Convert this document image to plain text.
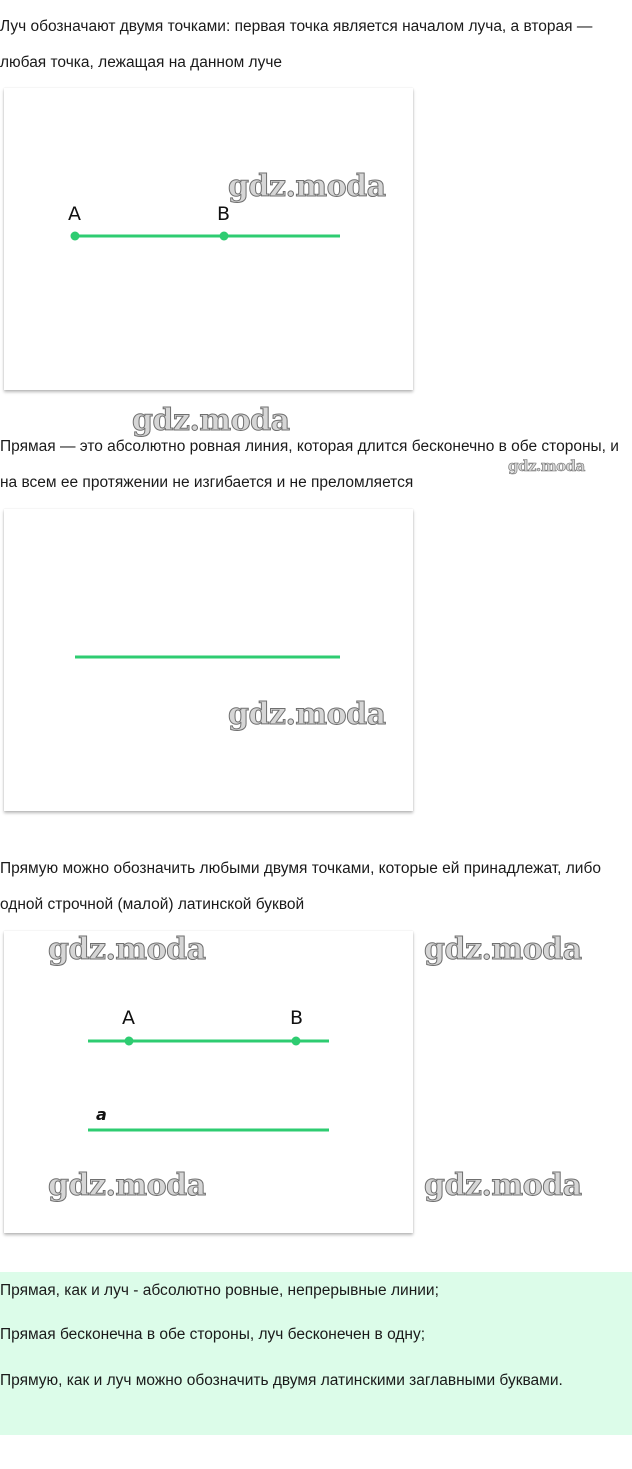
Луч обозначают двумя точками: первая точка является началом луча, а вторая — любая точка, лежащая на данном луче

A	B
gdz.moda
gdz.moda

Прямая — это абсолютно ровная линия, которая длится бесконечно в обе стороны, и на всем ее протяжении не изгибается и не преломляется

gdz.moda
gdz.moda

Прямую можно обозначить любыми двумя точками, которые ей принадлежат, либо одной строчной (малой) латинской буквой

A	B
a
gdz.moda
gdz.moda
gdz.moda
gdz.moda

Прямая, как и луч - абсолютно ровные, непрерывные линии;

Прямая бесконечна в обе стороны, луч бесконечен в одну;

Прямую, как и луч можно обозначить двумя латинскими заглавными буквами.
